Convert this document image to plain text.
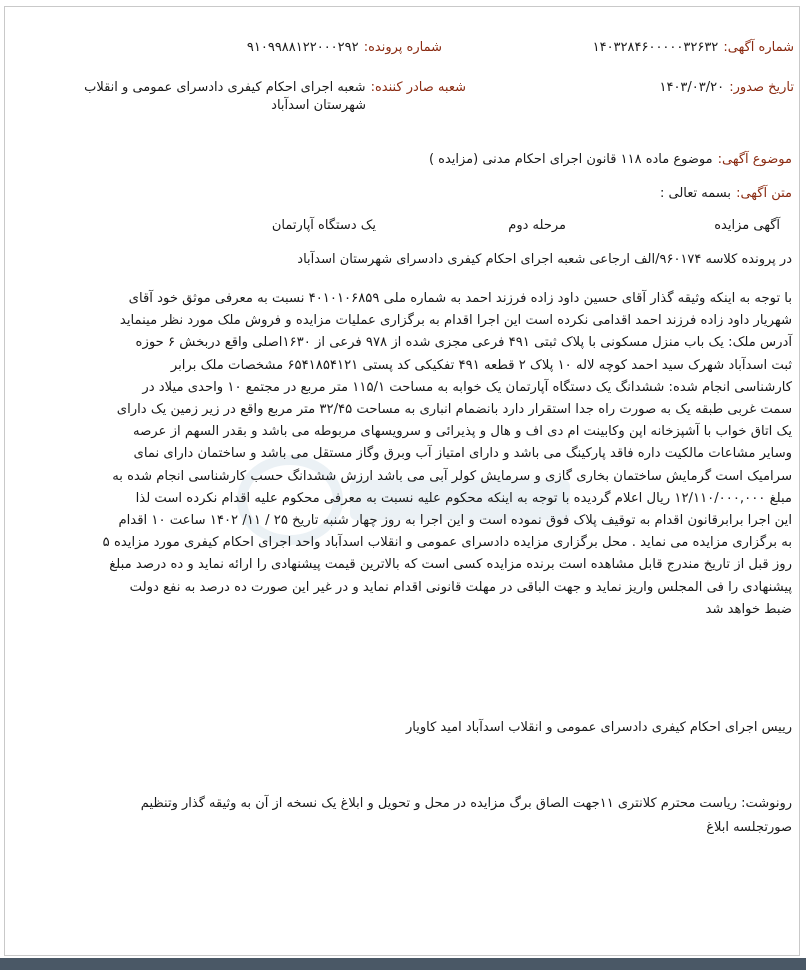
شماره آگهی: ۱۴۰۳۲۸۴۶۰۰۰۰۰۳۲۶۳۲
تاریخ صدور: ۱۴۰۳/۰۳/۲۰
شماره پرونده: ۹۱۰۹۹۸۸۱۲۲۰۰۰۲۹۲
شعبه صادر کننده: شعبه اجرای احکام کیفری دادسرای عمومی و انقلاب
شهرستان اسدآباد
موضوع آگهی: موضوع ماده ۱۱۸ قانون اجرای احکام مدنی (مزایده )
متن آگهی: بسمه تعالی :
آگهی مزایده
مرحله دوم
یک دستگاه آپارتمان
در پرونده کلاسه ۹۶۰۱۷۴/الف ارجاعی شعبه اجرای احکام کیفری دادسرای شهرستان اسدآباد
با توجه به اینکه وثیقه گذار آقای حسین داود زاده فرزند احمد به شماره ملی ۴۰۱۰۱۰۶۸۵۹ نسبت به معرفی موثق خود آقای
شهریار داود زاده فرزند احمد اقدامی نکرده است این اجرا اقدام به برگزاری عملیات مزایده و فروش ملک مورد نظر مینماید
آدرس ملک: یک باب منزل مسکونی با پلاک ثبتی ۴۹۱ فرعی مجزی شده از ۹۷۸ فرعی از ۱۶۳۰اصلی واقع دربخش ۶ حوزه
ثبت اسدآباد شهرک سید احمد کوچه لاله ۱۰ پلاک ۲ قطعه ۴۹۱ تفکیکی کد پستی ۶۵۴۱۸۵۴۱۲۱ مشخصات ملک برابر
کارشناسی انجام شده: ششدانگ یک دستگاه آپارتمان یک خوابه به مساحت ۱۱۵/۱ متر مربع در مجتمع ۱۰ واحدی میلاد در
سمت غربی طبقه یک به صورت راه جدا استقرار دارد بانضمام انباری به مساحت ۳۲/۴۵ متر مربع واقع در زیر زمین یک دارای
یک اتاق خواب با آشپزخانه اپن وکابینت ام دی اف و هال و پذیرائی و سرویسهای مربوطه می باشد و بقدر السهم از عرصه
وسایر مشاعات مالکیت داره فاقد پارکینگ می باشد و دارای امتیاز آب وبرق وگاز مستقل می باشد و ساختمان دارای نمای
سرامیک است گرمایش ساختمان بخاری گازی و سرمایش کولر آبی می باشد ارزش ششدانگ حسب کارشناسی انجام شده به
مبلغ ۱۲/۱۱۰/۰۰۰,۰۰۰ ریال اعلام گردیده با توجه به اینکه محکوم علیه نسبت به معرفی محکوم علیه اقدام نکرده است لذا
این اجرا برابرقانون اقدام به توقیف پلاک فوق نموده است و این اجرا به روز چهار شنبه تاریخ ۲۵ / ۱۱/ ۱۴۰۲ ساعت ۱۰ اقدام
به برگزاری مزایده می نماید . محل برگزاری مزایده دادسرای عمومی و انقلاب اسدآباد واحد اجرای احکام کیفری مورد مزایده ۵
روز قبل از تاریخ مندرج قابل مشاهده است برنده مزایده کسی است که بالاترین قیمت پیشنهادی را ارائه نماید و ده درصد مبلغ
پیشنهادی را فی المجلس واریز نماید و جهت الباقی در مهلت قانونی اقدام نماید و در غیر این صورت ده درصد به نفع دولت
ضبط خواهد شد
رییس اجرای احکام کیفری دادسرای عمومی و انقلاب اسدآباد امید کاویار
رونوشت: ریاست محترم کلانتری ۱۱جهت الصاق برگ مزایده در محل و تحویل و ابلاغ یک نسخه از آن به وثیقه گذار وتنظیم
صورتجلسه ابلاغ
